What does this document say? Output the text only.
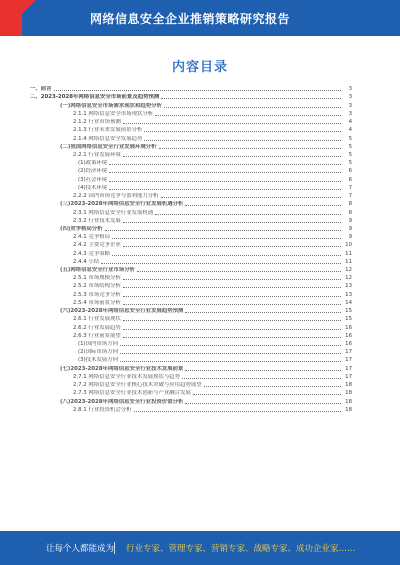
网络信息安全企业推销策略研究报告
内容目录
一、前言	3
二、2023-2028年网络信息安全市场前景及趋势预测	3
(一)网络信息安全市场需求现状和趋势分析	3
2.1.1 网络信息安全市场现状分析	3
2.1.2 行业市场预测	4
2.1.3 行业未来发展前景分析	4
2.1.4 网络信息安全发展趋势	5
(二)我国网络信息安全行业发展环境分析	5
2.2.1 行业发展环境	5
(1)政策环境	5
(2)经济环境	6
(3)社会环境	6
(4)技术环境	7
2.2.2 国内市场竞争与盈利能力分析	7
(三)2023-2028年网络信息安全行业发展机遇分析	8
2.3.1 网络信息安全行业发展机遇	8
2.3.2 行业技术发展	9
(四)竞争格局分析	9
2.4.1 竞争格局	9
2.4.2 主要竞争企业	10
2.4.3 竞争策略	11
2.4.4 小结	11
(五)网络信息安全行业市场分析	12
2.5.1 市场规模分析	12
2.5.2 市场结构分析	13
2.5.3 市场竞争分析	13
2.5.4 市场前景分析	14
(六)2023-2028年网络信息安全行业发展趋势预测	15
2.6.1 行业发展现状	15
2.6.2 行业发展趋势	16
2.6.3 行业前景展望	16
(1)国内市场方向	16
(2)国际市场方向	17
(3)技术发展方向	17
(七)2023-2028年网络信息安全行业技术发展前景	17
2.7.1 网络信息安全行业技术发展现状与趋势	17
2.7.2 网络信息安全行业核心技术突破与应用趋势展望	18
2.7.3 网络信息安全行业技术创新与产业融合发展	18
(八)2023-2028年网络信息安全行业投资价值分析	18
2.8.1 行业投资机会分析	18
让每个人都能成为 行业专家、管理专家、营销专家、战略专家、成功企业家……
